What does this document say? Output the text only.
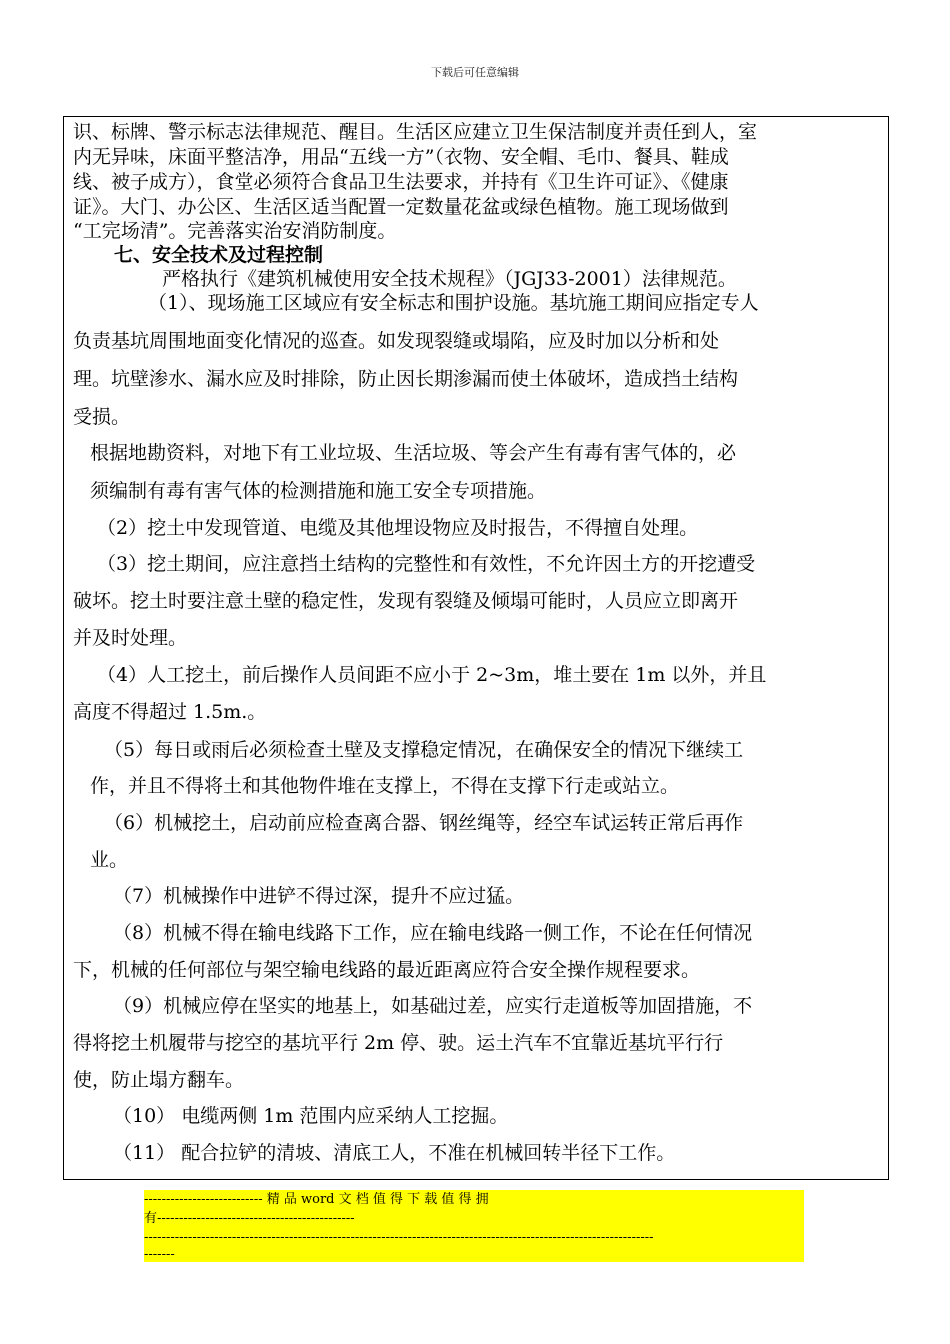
下载后可任意编辑

识、标牌、警示标志法律规范、醒目。生活区应建立卫生保洁制度并责任到人，室

内无异味，床面平整洁净，用品“五线一方”（衣物、安全帽、毛巾、餐具、鞋成

线、被子成方），食堂必须符合食品卫生法要求，并持有《卫生许可证》、《健康

证》。大门、办公区、生活区适当配置一定数量花盆或绿色植物。施工现场做到

“工完场清”。完善落实治安消防制度。

七、安全技术及过程控制

严格执行《建筑机械使用安全技术规程》（JGJ33-2001）法律规范。

（1）、现场施工区域应有安全标志和围护设施。基坑施工期间应指定专人

负责基坑周围地面变化情况的巡查。如发现裂缝或塌陷，应及时加以分析和处

理。坑壁渗水、漏水应及时排除，防止因长期渗漏而使土体破坏，造成挡土结构

受损。

根据地勘资料，对地下有工业垃圾、生活垃圾、等会产生有毒有害气体的，必

须编制有毒有害气体的检测措施和施工安全专项措施。

（2）挖土中发现管道、电缆及其他埋设物应及时报告，不得擅自处理。

（3）挖土期间，应注意挡土结构的完整性和有效性，不允许因土方的开挖遭受

破坏。挖土时要注意土壁的稳定性，发现有裂缝及倾塌可能时，人员应立即离开

并及时处理。

（4）人工挖土，前后操作人员间距不应小于 2~3m，堆土要在 1m 以外，并且

高度不得超过 1.5m.。

（5）每日或雨后必须检查土壁及支撑稳定情况，在确保安全的情况下继续工

作，并且不得将土和其他物件堆在支撑上，不得在支撑下行走或站立。

（6）机械挖土，启动前应检查离合器、钢丝绳等，经空车试运转正常后再作

业。

（7）机械操作中进铲不得过深，提升不应过猛。

（8）机械不得在输电线路下工作，应在输电线路一侧工作，不论在任何情况

下，机械的任何部位与架空输电线路的最近距离应符合安全操作规程要求。

（9）机械应停在坚实的地基上，如基础过差，应实行走道板等加固措施，不

得将挖土机履带与挖空的基坑平行 2m 停、驶。运土汽车不宜靠近基坑平行行

使，防止塌方翻车。

（10） 电缆两侧 1m 范围内应采纳人工挖掘。

（11） 配合拉铲的清坡、清底工人，不准在机械回转半径下工作。

--------------------------- 精 品 word 文 档 值 得 下 载 值 得 拥
有---------------------------------------------
--------------------------------------------------------------------------------------------------------------------
-------
